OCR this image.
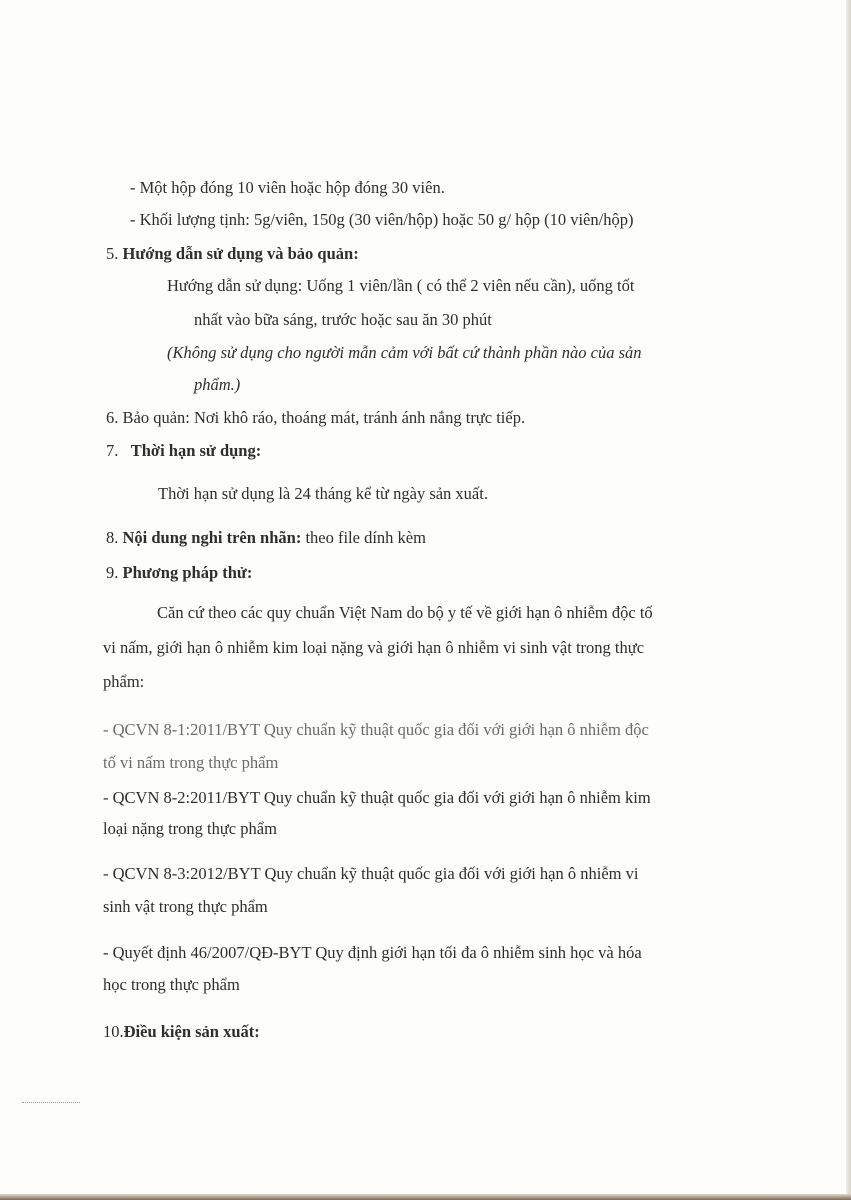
- Một hộp đóng 10 viên hoặc hộp đóng 30 viên.
- Khối lượng tịnh: 5g/viên, 150g (30 viên/hộp) hoặc 50 g/ hộp (10 viên/hộp)
5. Hướng dẫn sử dụng và bảo quản:
Hướng dẫn sử dụng: Uống 1 viên/lần ( có thể 2 viên nếu cần), uống tốt
nhất vào bữa sáng, trước hoặc sau ăn 30 phút
(Không sử dụng cho người mẫn cảm với bất cứ thành phần nào của sản
phẩm.)
6. Bảo quản: Nơi khô ráo, thoáng mát, tránh ánh nắng trực tiếp.
7. Thời hạn sử dụng:
Thời hạn sử dụng là 24 tháng kể từ ngày sản xuất.
8. Nội dung nghi trên nhãn: theo file dính kèm
9. Phương pháp thử:
Căn cứ theo các quy chuẩn Việt Nam do bộ y tế về giới hạn ô nhiễm độc tố
vi nấm, giới hạn ô nhiễm kim loại nặng và giới hạn ô nhiễm vi sinh vật trong thực
phẩm:
- QCVN 8-1:2011/BYT Quy chuẩn kỹ thuật quốc gia đối với giới hạn ô nhiễm độc
tố vi nấm trong thực phẩm
- QCVN 8-2:2011/BYT Quy chuẩn kỹ thuật quốc gia đối với giới hạn ô nhiễm kim
loại nặng trong thực phẩm
- QCVN 8-3:2012/BYT Quy chuẩn kỹ thuật quốc gia đối với giới hạn ô nhiễm vi
sinh vật trong thực phẩm
- Quyết định 46/2007/QĐ-BYT Quy định giới hạn tối đa ô nhiễm sinh học và hóa
học trong thực phẩm
10.Điều kiện sản xuất:
